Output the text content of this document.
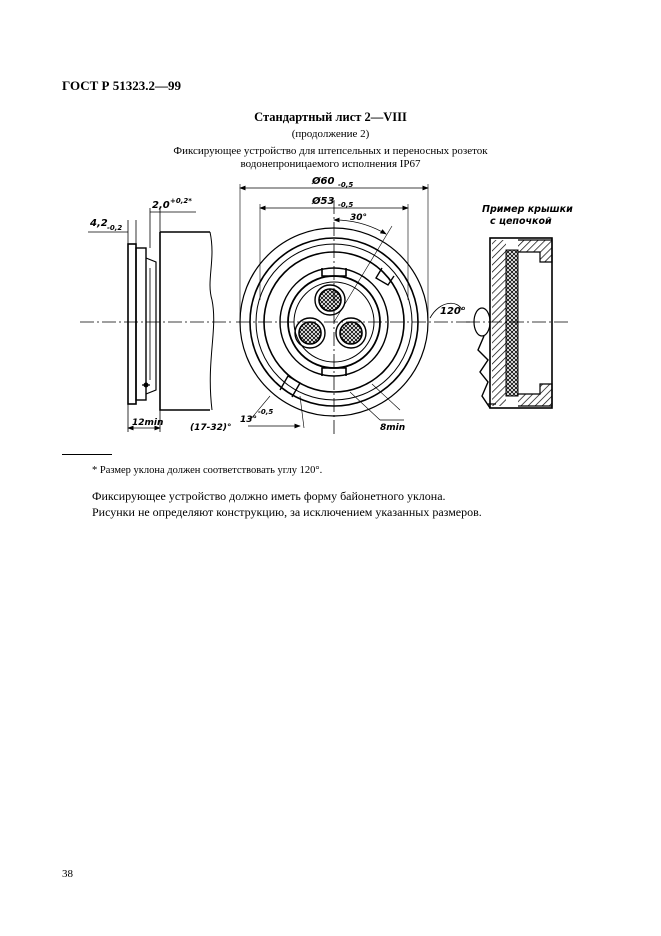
ГОСТ Р 51323.2—99
Стандартный лист 2—VIII
(продолжение 2)
Фиксирующее устройство для штепсельных и переносных розеток
водонепроницаемого исполнения IP67
4,2 -0,2
2,0 +0,2*
12min
Ø60 -0,5
Ø53 -0,5
30°
120°
(17-32)°
13°
-0,5
8min
Пример крышки
с цепочкой
* Размер уклона должен соответствовать углу 120°.
Фиксирующее устройство должно иметь форму байонетного уклона.
Рисунки не определяют конструкцию, за исключением указанных размеров.
38
